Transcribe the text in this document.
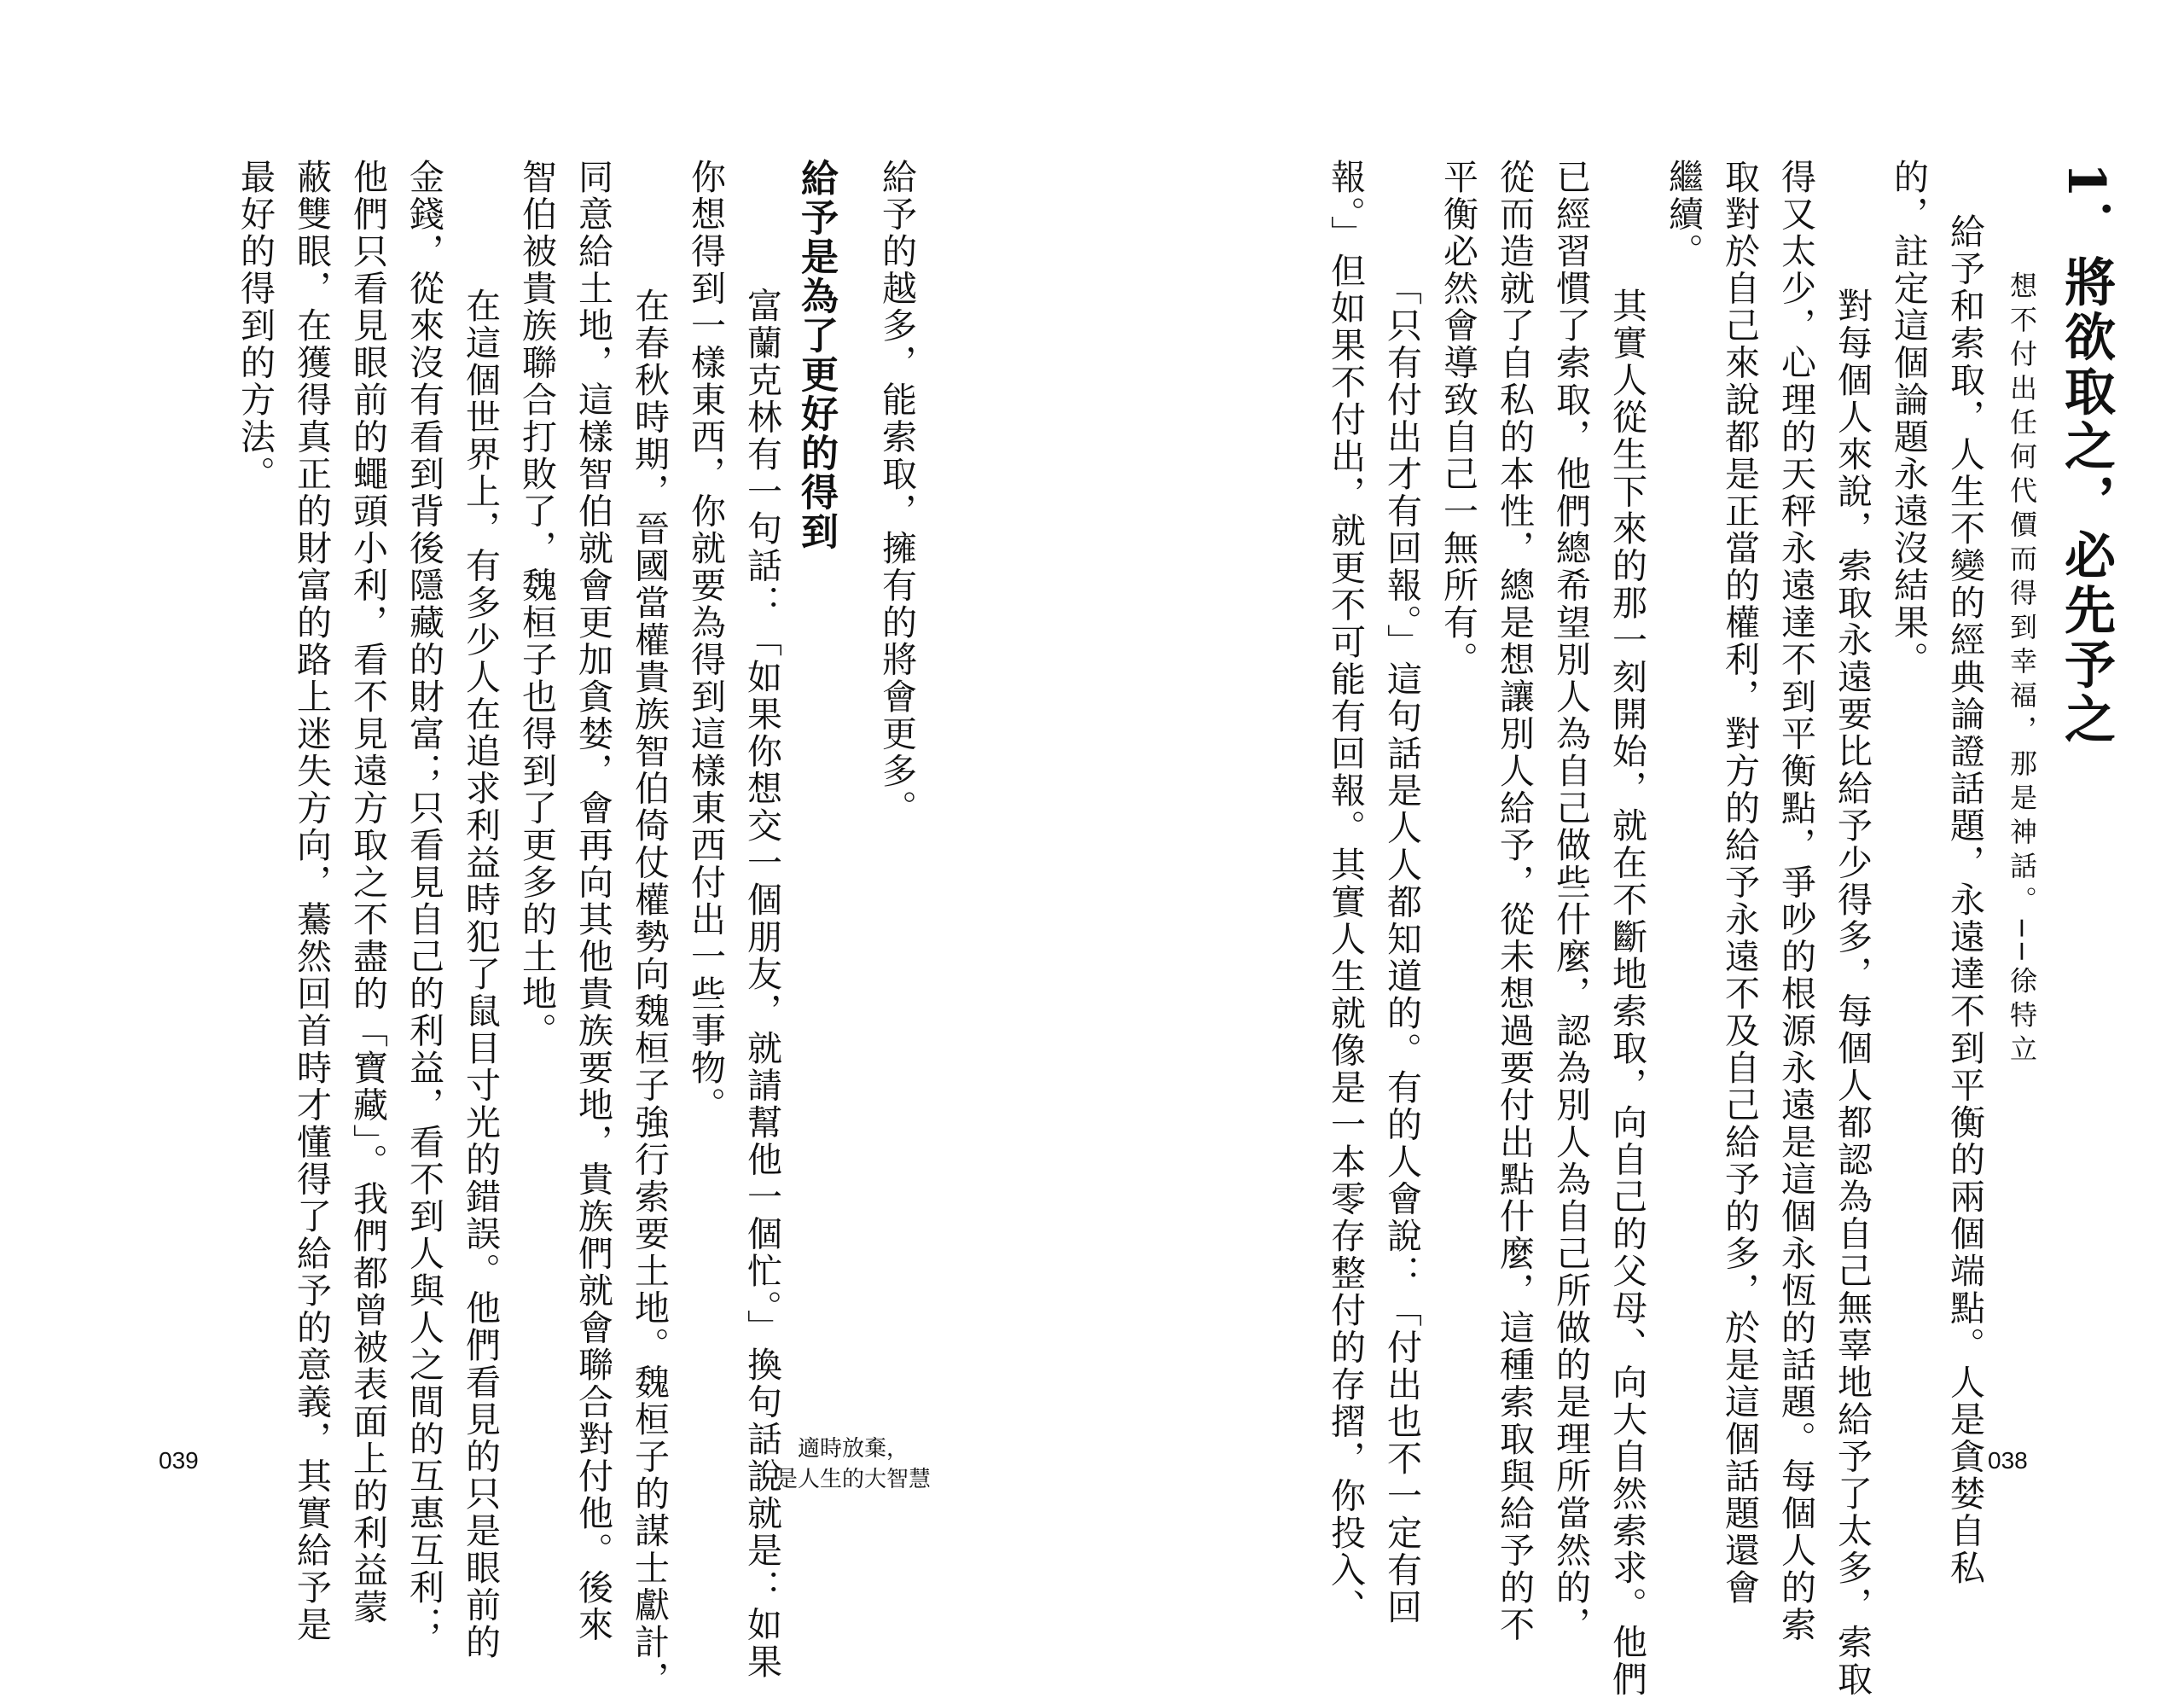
1．將欲取之，必先予之
想不付出任何代價而得到幸福，那是神話。──徐特立
給予和索取，人生不變的經典論證話題，永遠達不到平衡的兩個端點。人是貪婪自私
的，註定這個論題永遠沒結果。
　　對每個人來說，索取永遠要比給予少得多，每個人都認為自己無辜地給予了太多，索取
得又太少，心理的天秤永遠達不到平衡點，爭吵的根源永遠是這個永恆的話題。每個人的索
取對於自己來說都是正當的權利，對方的給予永遠不及自己給予的多，於是這個話題還會
繼續。
　　其實人從生下來的那一刻開始，就在不斷地索取，向自己的父母、向大自然索求。他們
已經習慣了索取，他們總希望別人為自己做些什麼，認為別人為自己所做的是理所當然的，
從而造就了自私的本性，總是想讓別人給予，從未想過要付出點什麼，這種索取與給予的不
平衡必然會導致自己一無所有。
　　「只有付出才有回報。」這句話是人人都知道的。有的人會說：「付出也不一定有回
報。」但如果不付出，就更不可能有回報。其實人生就像是一本零存整付的存摺，你投入、
給予的越多，能索取，擁有的將會更多。
給予是為了更好的得到
　　富蘭克林有一句話：「如果你想交一個朋友，就請幫他一個忙。」換句話說就是：如果
你想得到一樣東西，你就要為得到這樣東西付出一些事物。
　　在春秋時期，晉國當權貴族智伯倚仗權勢向魏桓子強行索要土地。魏桓子的謀士獻計，
同意給土地，這樣智伯就會更加貪婪，會再向其他貴族要地，貴族們就會聯合對付他。後來
智伯被貴族聯合打敗了，魏桓子也得到了更多的土地。
　　在這個世界上，有多少人在追求利益時犯了鼠目寸光的錯誤。他們看見的只是眼前的
金錢，從來沒有看到背後隱藏的財富；只看見自己的利益，看不到人與人之間的互惠互利；
他們只看見眼前的蠅頭小利，看不見遠方取之不盡的「寶藏」。我們都曾被表面上的利益蒙
蔽雙眼，在獲得真正的財富的路上迷失方向，驀然回首時才懂得了給予的意義，其實給予是
最好的得到的方法。
039	適時放棄，
是人生的大智慧
038
